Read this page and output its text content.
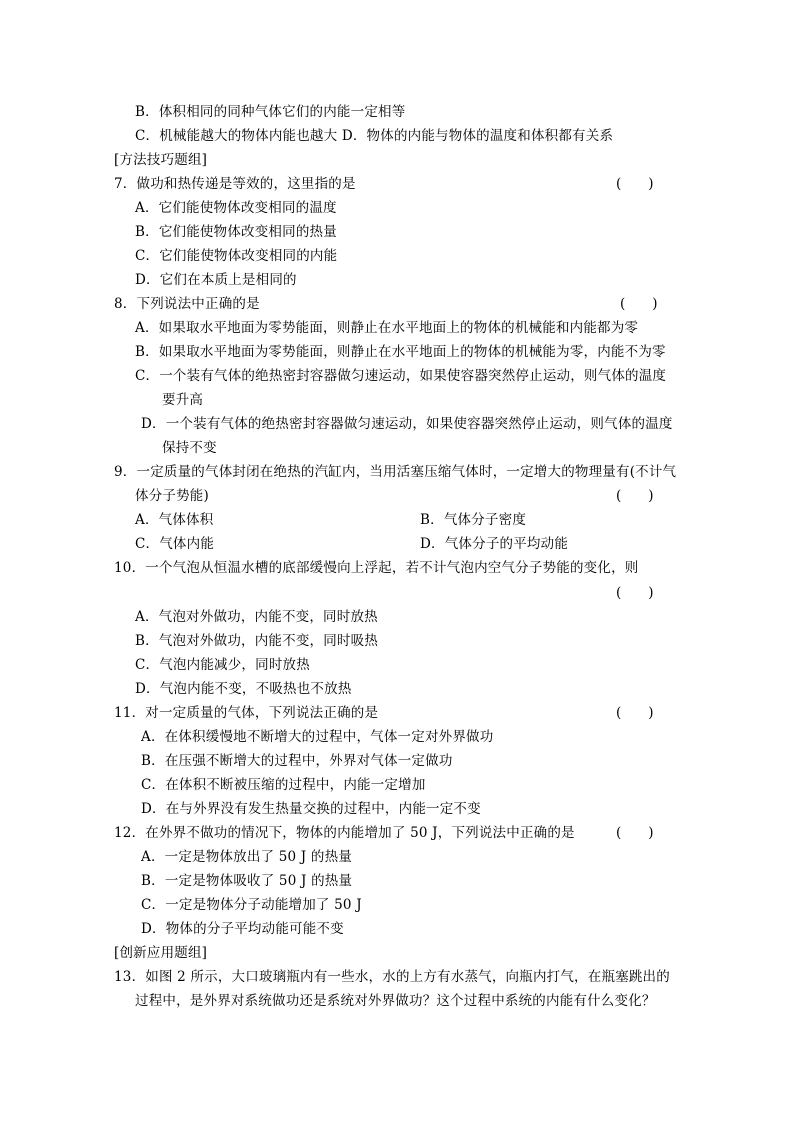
B．体积相同的同种气体它们的内能一定相等
C．机械能越大的物体内能也越大 D．物体的内能与物体的温度和体积都有关系
[方法技巧题组]
7．做功和热传递是等效的，这里指的是	(　　)
A．它们能使物体改变相同的温度
B．它们能使物体改变相同的热量
C．它们能使物体改变相同的内能
D．它们在本质上是相同的
8．下列说法中正确的是	(　　)
A．如果取水平地面为零势能面，则静止在水平地面上的物体的机械能和内能都为零
B．如果取水平地面为零势能面，则静止在水平地面上的物体的机械能为零，内能不为零
C．一个装有气体的绝热密封容器做匀速运动，如果使容器突然停止运动，则气体的温度
要升高
D．一个装有气体的绝热密封容器做匀速运动，如果使容器突然停止运动，则气体的温度
保持不变
9．一定质量的气体封闭在绝热的汽缸内，当用活塞压缩气体时，一定增大的物理量有(不计气
体分子势能)	(　　)
A．气体体积	B．气体分子密度
C．气体内能	D．气体分子的平均动能
10．一个气泡从恒温水槽的底部缓慢向上浮起，若不计气泡内空气分子势能的变化，则
(　　)
A．气泡对外做功，内能不变，同时放热
B．气泡对外做功，内能不变，同时吸热
C．气泡内能减少，同时放热
D．气泡内能不变，不吸热也不放热
11．对一定质量的气体，下列说法正确的是	(　　)
A．在体积缓慢地不断增大的过程中，气体一定对外界做功
B．在压强不断增大的过程中，外界对气体一定做功
C．在体积不断被压缩的过程中，内能一定增加
D．在与外界没有发生热量交换的过程中，内能一定不变
12．在外界不做功的情况下，物体的内能增加了 50 J，下列说法中正确的是	(　　)
A．一定是物体放出了 50 J 的热量
B．一定是物体吸收了 50 J 的热量
C．一定是物体分子动能增加了 50 J
D．物体的分子平均动能可能不变
[创新应用题组]
13．如图 2 所示，大口玻璃瓶内有一些水，水的上方有水蒸气，向瓶内打气，在瓶塞跳出的
过程中，是外界对系统做功还是系统对外界做功？这个过程中系统的内能有什么变化？
